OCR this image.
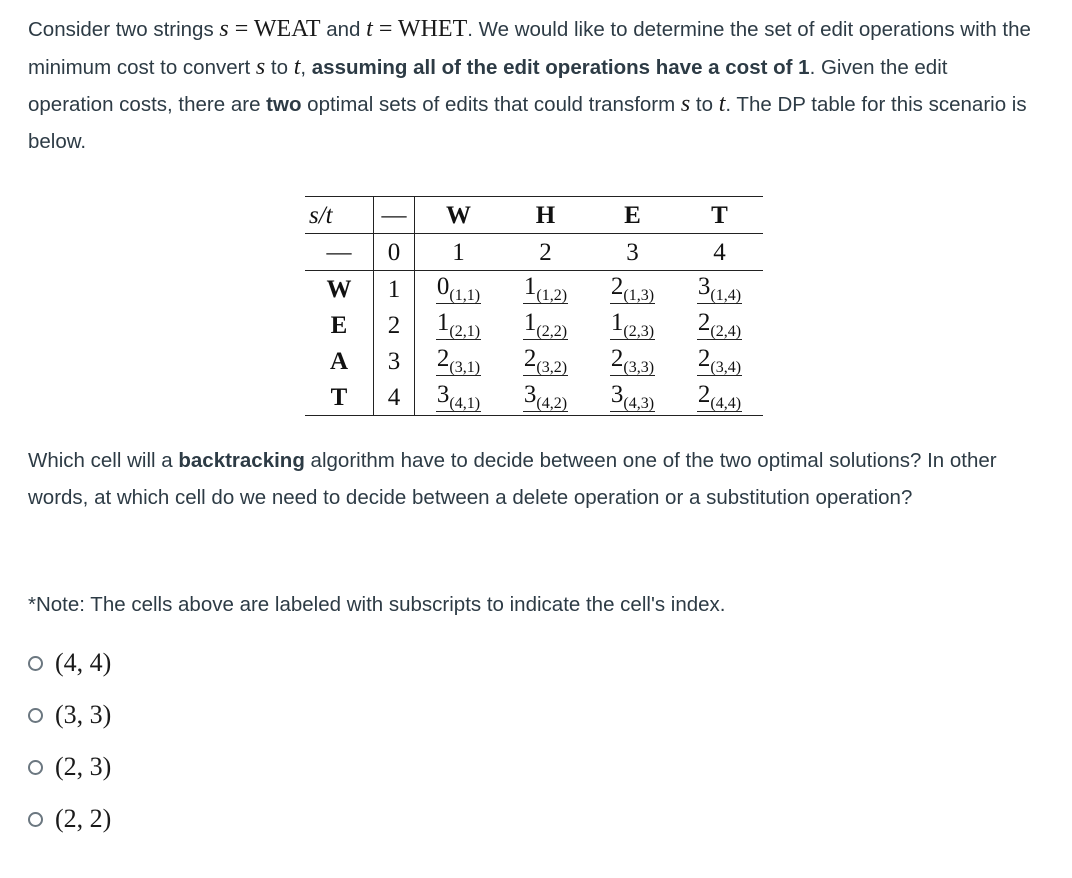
Consider two strings s = WEAT and t = WHET. We would like to determine the set of edit operations with the minimum cost to convert s to t, assuming all of the edit operations have a cost of 1. Given the edit operation costs, there are two optimal sets of edits that could transform s to t. The DP table for this scenario is below.
s/t	—	W	H	E	T
—	0	1	2	3	4
W	1	$0_{(1,1)}$	$1_{(1,2)}$	$2_{(1,3)}$	$3_{(1,4)}$
E	2	$1_{(2,1)}$	$1_{(2,2)}$	$1_{(2,3)}$	$2_{(2,4)}$
A	3	$2_{(3,1)}$	$2_{(3,2)}$	$2_{(3,3)}$	$2_{(3,4)}$
T	4	$3_{(4,1)}$	$3_{(4,2)}$	$3_{(4,3)}$	$2_{(4,4)}$
Which cell will a backtracking algorithm have to decide between one of the two optimal solutions? In other words, at which cell do we need to decide between a delete operation or a substitution operation?
*Note: The cells above are labeled with subscripts to indicate the cell's index.
(4, 4)
(3, 3)
(2, 3)
(2, 2)
